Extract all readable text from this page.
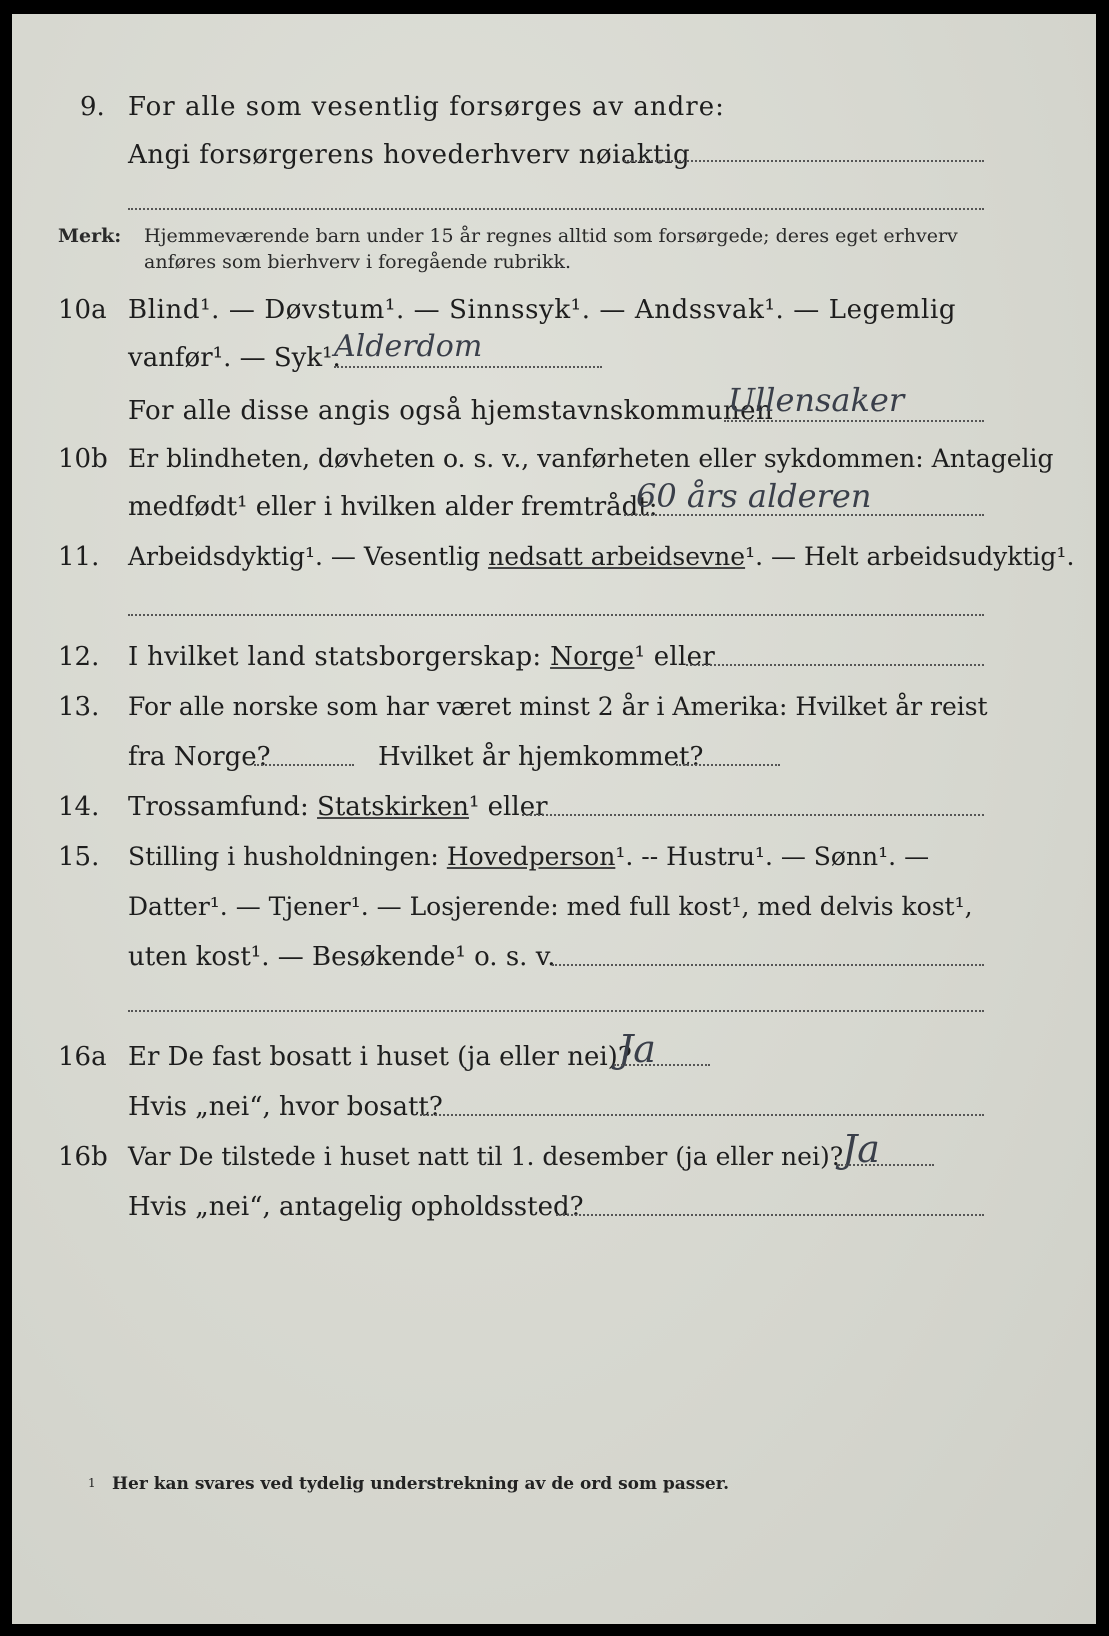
9. For alle som vesentlig forsørges av andre:
Angi forsørgerens hovederhverv nøiaktig
Merk: Hjemmeværende barn under 15 år regnes alltid som forsørgede; deres eget erhverv
anføres som bierhverv i foregående rubrikk.
10a Blind¹. — Døvstum¹. — Sinnssyk¹. — Andssvak¹. — Legemlig
vanfør¹. — Syk¹.
Alderdom
For alle disse angis også hjemstavnskommunen
Ullensaker
10b Er blindheten, døvheten o. s. v., vanførheten eller sykdommen: Antagelig
medfødt¹ eller i hvilken alder fremtrådt:
60 års alderen
11. Arbeidsdyktig¹. — Vesentlig nedsatt arbeidsevne¹. — Helt arbeidsudyktig¹.
12. I hvilket land statsborgerskap: Norge¹ eller
13. For alle norske som har været minst 2 år i Amerika: Hvilket år reist
fra Norge?	Hvilket år hjemkommet?
14. Trossamfund: Statskirken¹ eller
15. Stilling i husholdningen: Hovedperson¹. -- Hustru¹. — Sønn¹. —
Datter¹. — Tjener¹. — Losjerende: med full kost¹, med delvis kost¹,
uten kost¹. — Besøkende¹ o. s. v.
16a Er De fast bosatt i huset (ja eller nei)?
Ja
Hvis „nei“, hvor bosatt?
16b Var De tilstede i huset natt til 1. desember (ja eller nei)?
Ja
Hvis „nei“, antagelig opholdssted?
1 Her kan svares ved tydelig understrekning av de ord som passer.
